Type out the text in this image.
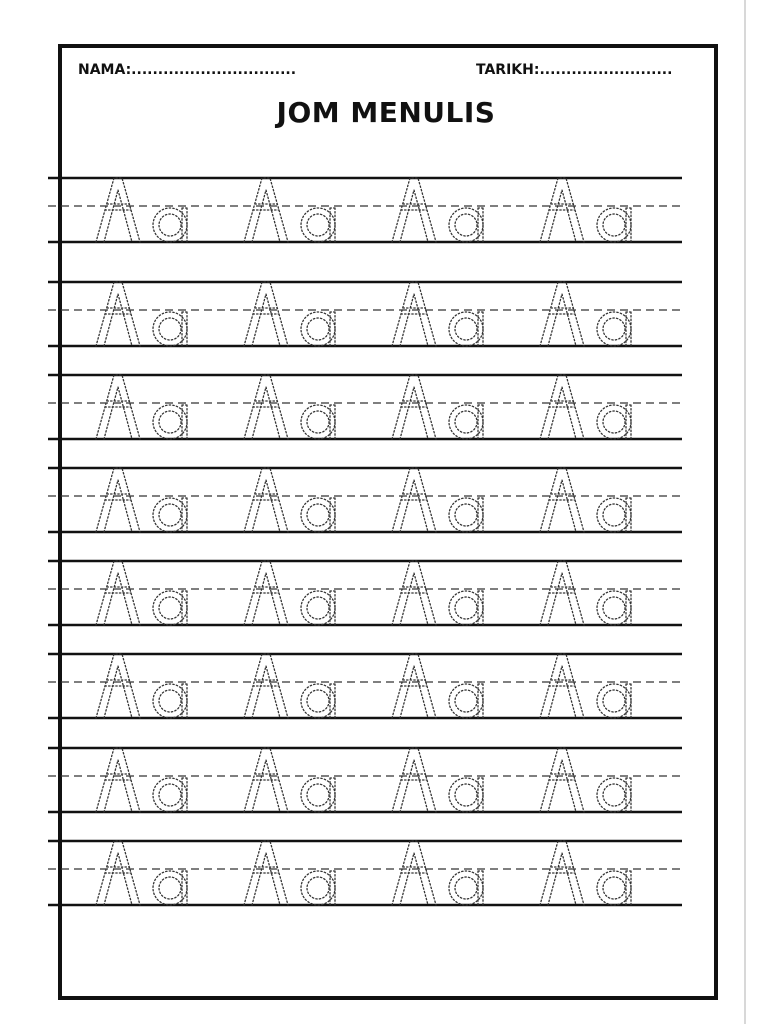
NAMA:...............................	TARIKH:.........................
JOM MENULIS
